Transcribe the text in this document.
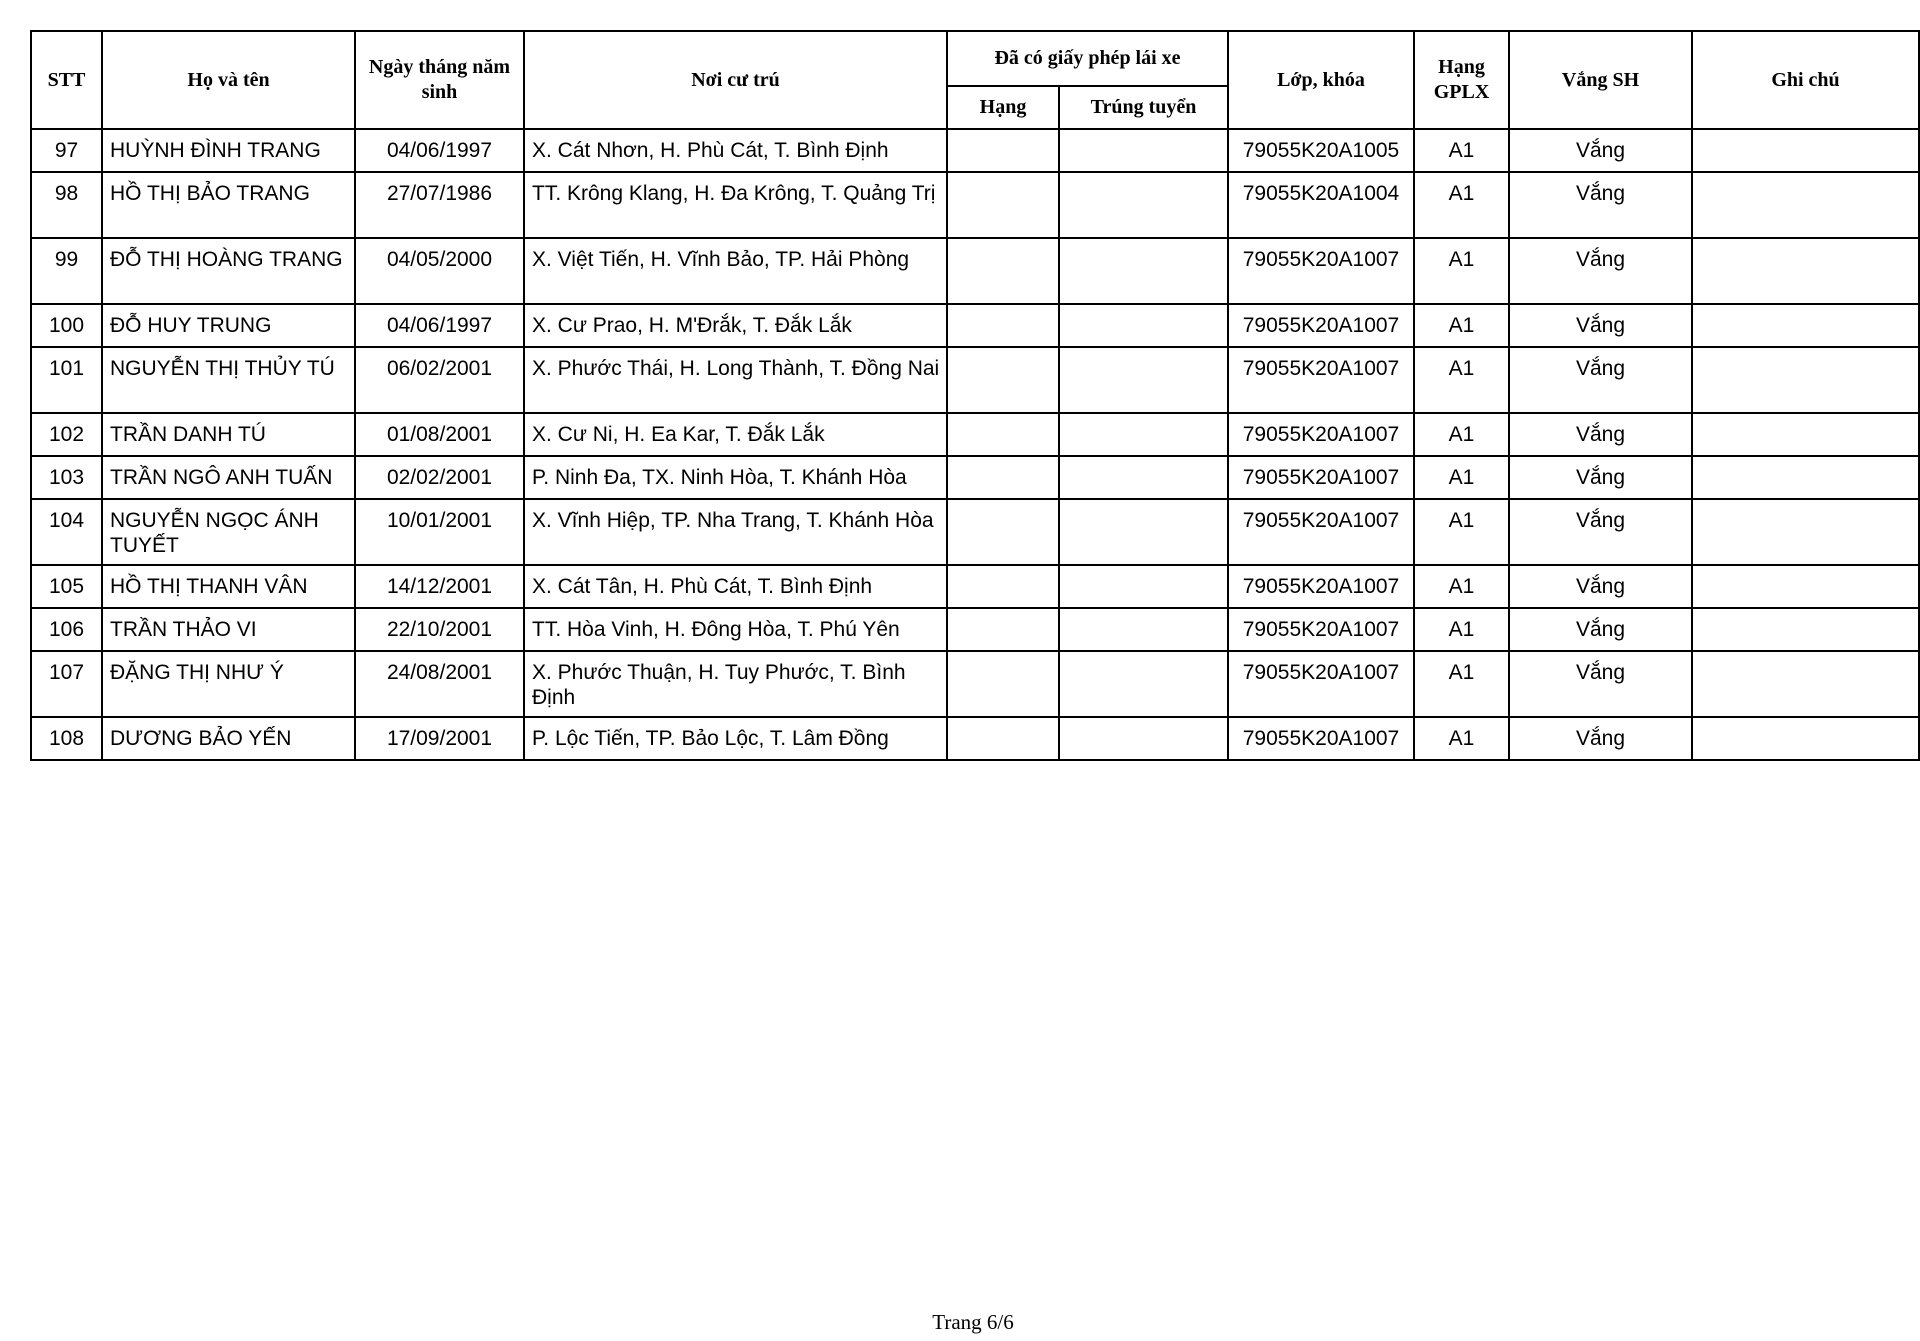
STT	Họ và tên	Ngày tháng năm sinh	Nơi cư trú	Đã có giấy phép lái xe		Lớp, khóa	Hạng GPLX	Vắng SH	Ghi chú
				Hạng	Trúng tuyển				
97	HUỲNH ĐÌNH TRANG	04/06/1997	X. Cát Nhơn, H. Phù Cát, T. Bình Định			79055K20A1005	A1	Vắng	
98	HỒ THỊ BẢO TRANG	27/07/1986	TT. Krông Klang, H. Đa Krông, T. Quảng Trị			79055K20A1004	A1	Vắng	
99	ĐỖ THỊ HOÀNG TRANG	04/05/2000	X. Việt Tiến, H. Vĩnh Bảo, TP. Hải Phòng			79055K20A1007	A1	Vắng	
100	ĐỖ HUY TRUNG	04/06/1997	X. Cư Prao, H. M'Đrắk, T. Đắk Lắk			79055K20A1007	A1	Vắng	
101	NGUYỄN THỊ THỦY TÚ	06/02/2001	X. Phước Thái, H. Long Thành, T. Đồng Nai			79055K20A1007	A1	Vắng	
102	TRẦN DANH TÚ	01/08/2001	X. Cư Ni, H. Ea Kar, T. Đắk Lắk			79055K20A1007	A1	Vắng	
103	TRẦN NGÔ ANH TUẤN	02/02/2001	P. Ninh Đa, TX. Ninh Hòa, T. Khánh Hòa			79055K20A1007	A1	Vắng	
104	NGUYỄN NGỌC ÁNH TUYẾT	10/01/2001	X. Vĩnh Hiệp, TP. Nha Trang, T. Khánh Hòa			79055K20A1007	A1	Vắng	
105	HỒ THỊ THANH VÂN	14/12/2001	X. Cát Tân, H. Phù Cát, T. Bình Định			79055K20A1007	A1	Vắng	
106	TRẦN THẢO VI	22/10/2001	TT. Hòa Vinh, H. Đông Hòa, T. Phú Yên			79055K20A1007	A1	Vắng	
107	ĐẶNG THỊ NHƯ Ý	24/08/2001	X. Phước Thuận, H. Tuy Phước, T. Bình Định			79055K20A1007	A1	Vắng	
108	DƯƠNG BẢO YẾN	17/09/2001	P. Lộc Tiến, TP. Bảo Lộc, T. Lâm Đồng			79055K20A1007	A1	Vắng	
Trang 6/6
